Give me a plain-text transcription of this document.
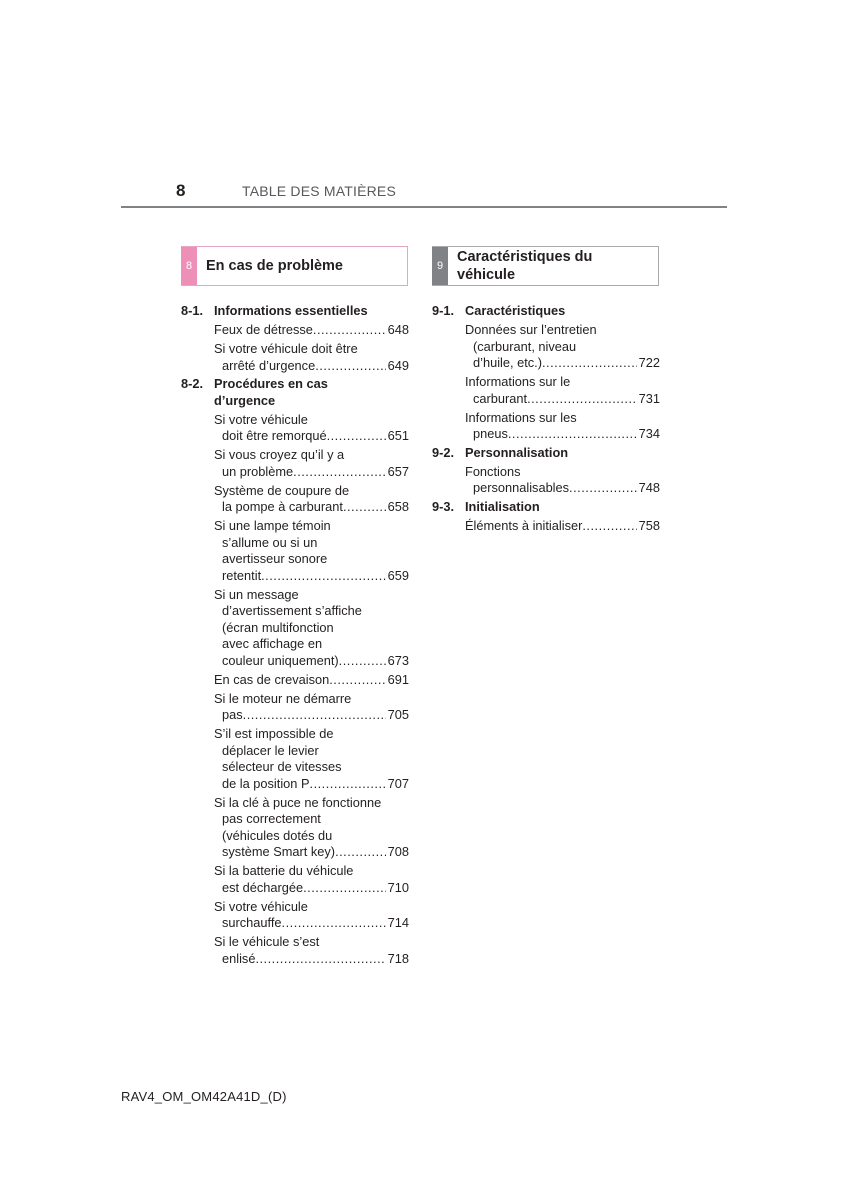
8	TABLE DES MATIÈRES
8 En cas de problème	9
Caractéristiques du
véhicule
8-1. Informations essentielles
Feux de détresse .....	648
Si votre véhicule doit être
arrêté d’urgence .....	649
8-2. Procédures en cas
d’urgence
Si votre véhicule
doit être remorqué .....	651
Si vous croyez qu’il y a
un problème .....	657
Système de coupure de
la pompe à carburant .....	658
Si une lampe témoin
s’allume ou si un
avertisseur sonore
retentit .....	659
Si un message
d’avertissement s’affiche
(écran multifonction
avec affichage en
couleur uniquement) .....	673
En cas de crevaison .....	691
Si le moteur ne démarre
pas .....	705
S’il est impossible de
déplacer le levier
sélecteur de vitesses
de la position P .....	707
Si la clé à puce ne fonctionne
pas correctement
(véhicules dotés du
système Smart key) .....	708
Si la batterie du véhicule
est déchargée .....	710
Si votre véhicule
surchauffe .....	714
Si le véhicule s’est
enlisé .....	718
9-1. Caractéristiques
Données sur l’entretien
(carburant, niveau
d’huile, etc.) .....	722
Informations sur le
carburant .....	731
Informations sur les
pneus .....	734
9-2. Personnalisation
Fonctions
personnalisables .....	748
9-3. Initialisation
Éléments à initialiser .....	758
RAV4_OM_OM42A41D_(D)
